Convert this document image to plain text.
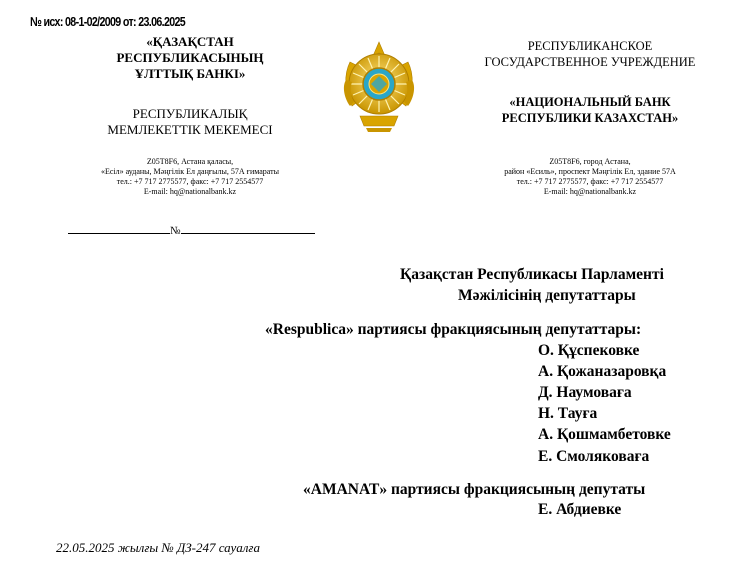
№ исх: 08-1-02/2009 от: 23.06.2025
«ҚАЗАҚСТАН
РЕСПУБЛИКАСЫНЫҢ
ҰЛТТЫҚ БАНКІ»
РЕСПУБЛИКАЛЫҚ
МЕМЛЕКЕТТІК МЕКЕМЕСІ
Z05T8F6, Астана қаласы,
«Есіл» ауданы, Мәңгілік Ел даңғылы, 57А ғимараты
тел.: +7 717 2775577, факс: +7 717 2554577
E-mail: hq@nationalbank.kz
РЕСПУБЛИКАНСКОЕ
ГОСУДАРСТВЕННОЕ УЧРЕЖДЕНИЕ
«НАЦИОНАЛЬНЫЙ БАНК
РЕСПУБЛИКИ КАЗАХСТАН»
Z05T8F6, город Астана,
район «Есиль», проспект Мәңгілік Ел, здание 57А
тел.: +7 717 2775577, факс: +7 717 2554577
E-mail: hq@nationalbank.kz
№
Қазақстан Республикасы Парламенті
Мәжілісінің депутаттары
«Respublica» партиясы фракциясының депутаттары:
О. Құспековке
А. Қожаназаровқа
Д. Наумоваға
Н. Тауға
А. Қошмамбетовке
Е. Смоляковаға
«AMANAT» партиясы фракциясының депутаты
Е. Абдиевке
22.05.2025 жылғы № ДЗ-247 сауалға
